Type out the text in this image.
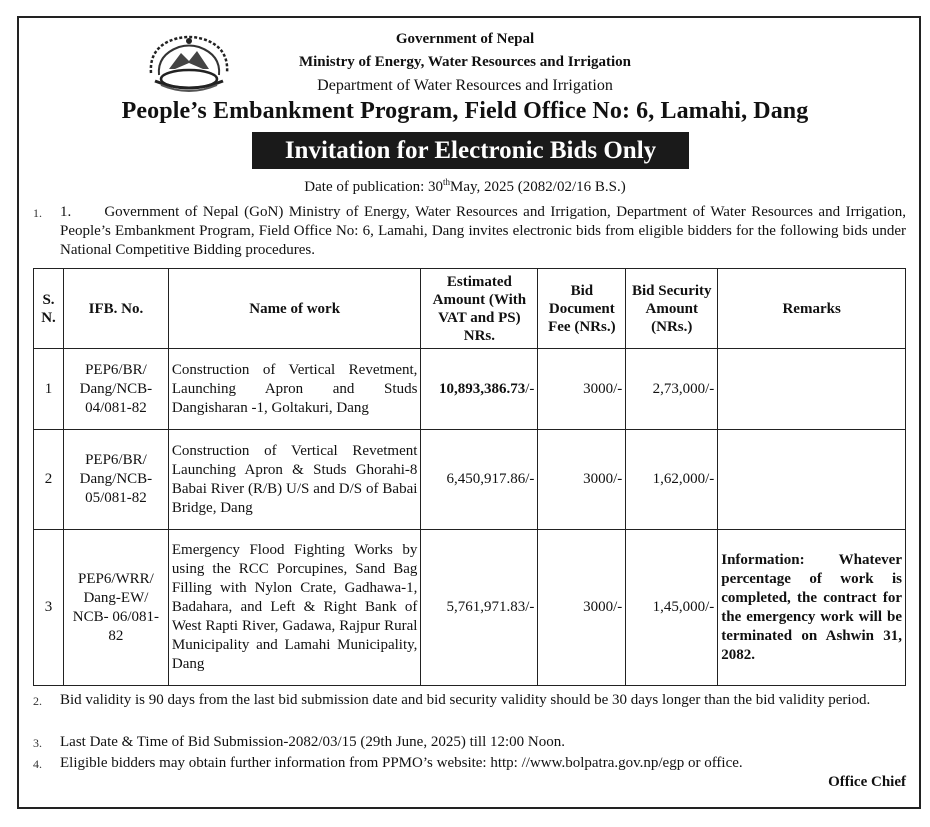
Government of Nepal
Ministry of Energy, Water Resources and Irrigation
Department of Water Resources and Irrigation
People’s Embankment Program, Field Office No: 6, Lamahi, Dang
Invitation for Electronic Bids Only
Date of publication: 30thMay, 2025 (2082/02/16 B.S.)
1. 1.      Government of Nepal (GoN) Ministry of Energy, Water Resources and Irrigation, Department of Water Resources and Irrigation, People’s Embankment Program, Field Office No: 6, Lamahi, Dang invites electronic bids from eligible bidders for the following bids under National Competitive Bidding procedures.
S. N.	IFB. No.	Name of work	Estimated Amount (With VAT and PS) NRs.	Bid Document Fee (NRs.)	Bid Security Amount (NRs.)	Remarks
1	PEP6/BR/ Dang/NCB- 04/081-82	Construction of Vertical Revetment, Launching Apron and Studs Dangisharan -1, Goltakuri, Dang	10,893,386.73/-	3000/-	2,73,000/-	
2	PEP6/BR/ Dang/NCB- 05/081-82	Construction of Vertical Revetment Launching Apron & Studs Ghorahi-8 Babai River (R/B) U/S and D/S of Babai Bridge, Dang	6,450,917.86/-	3000/-	1,62,000/-	
3	PEP6/WRR/ Dang-EW/ NCB- 06/081-82	Emergency Flood Fighting Works by using the RCC Porcupines, Sand Bag Filling with Nylon Crate, Gadhawa-1, Badahara, and Left & Right Bank of West Rapti River, Gadawa, Rajpur Rural Municipality and Lamahi Municipality, Dang	5,761,971.83/-	3000/-	1,45,000/-	Information: Whatever percentage of work is completed, the contract for the emergency work will be terminated on Ashwin 31, 2082.
2. Bid validity is 90 days from the last bid submission date and bid security validity should be 30 days longer than the bid validity period.
3. Last Date & Time of Bid Submission-2082/03/15 (29th June, 2025) till 12:00 Noon.
4. Eligible bidders may obtain further information from PPMO’s website: http: //www.bolpatra.gov.np/egp or office.
Office Chief
